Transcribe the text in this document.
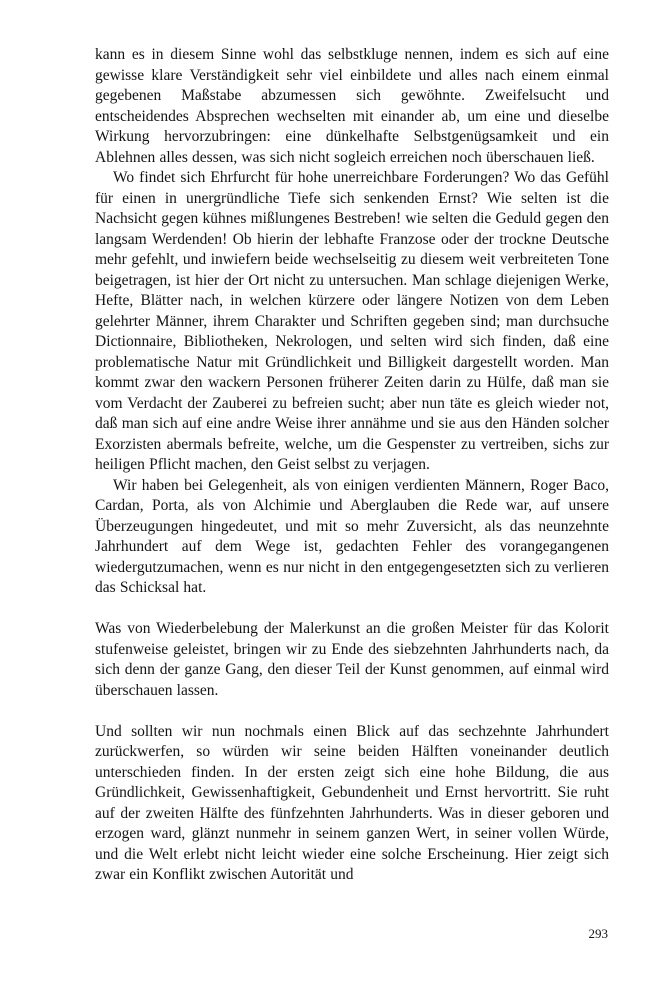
kann es in diesem Sinne wohl das selbstkluge nennen, indem es sich auf eine gewisse klare Verständigkeit sehr viel einbildete und alles nach einem einmal gegebenen Maßstabe abzumessen sich gewöhnte. Zweifelsucht und entscheidendes Absprechen wechselten mit einander ab, um eine und dieselbe Wirkung hervorzubringen: eine dünkelhafte Selbstgenügsamkeit und ein Ablehnen alles dessen, was sich nicht sogleich erreichen noch überschauen ließ.

Wo findet sich Ehrfurcht für hohe unerreichbare Forderungen? Wo das Gefühl für einen in unergründliche Tiefe sich senkenden Ernst? Wie selten ist die Nachsicht gegen kühnes mißlungenes Bestreben! wie selten die Geduld gegen den langsam Werdenden! Ob hierin der lebhafte Franzose oder der trockne Deutsche mehr gefehlt, und inwiefern beide wechselseitig zu diesem weit verbreiteten Tone beigetragen, ist hier der Ort nicht zu untersuchen. Man schlage diejenigen Werke, Hefte, Blätter nach, in welchen kürzere oder längere Notizen von dem Leben gelehrter Männer, ihrem Charakter und Schriften gegeben sind; man durchsuche Dictionnaire, Bibliotheken, Nekrologen, und selten wird sich finden, daß eine problematische Natur mit Gründlichkeit und Billigkeit dargestellt worden. Man kommt zwar den wackern Personen früherer Zeiten darin zu Hülfe, daß man sie vom Verdacht der Zauberei zu befreien sucht; aber nun täte es gleich wieder not, daß man sich auf eine andre Weise ihrer annähme und sie aus den Händen solcher Exorzisten abermals befreite, welche, um die Gespenster zu vertreiben, sichs zur heiligen Pflicht machen, den Geist selbst zu verjagen.

Wir haben bei Gelegenheit, als von einigen verdienten Männern, Roger Baco, Cardan, Porta, als von Alchimie und Aberglauben die Rede war, auf unsere Überzeugungen hingedeutet, und mit so mehr Zuversicht, als das neunzehnte Jahrhundert auf dem Wege ist, gedachten Fehler des vorangegangenen wiedergutzumachen, wenn es nur nicht in den entgegengesetzten sich zu verlieren das Schicksal hat.

Was von Wiederbelebung der Malerkunst an die großen Meister für das Kolorit stufenweise geleistet, bringen wir zu Ende des siebzehnten Jahrhunderts nach, da sich denn der ganze Gang, den dieser Teil der Kunst genommen, auf einmal wird überschauen lassen.

Und sollten wir nun nochmals einen Blick auf das sechzehnte Jahrhundert zurückwerfen, so würden wir seine beiden Hälften voneinander deutlich unterschieden finden. In der ersten zeigt sich eine hohe Bildung, die aus Gründlichkeit, Gewissenhaftigkeit, Gebundenheit und Ernst hervortritt. Sie ruht auf der zweiten Hälfte des fünfzehnten Jahrhunderts. Was in dieser geboren und erzogen ward, glänzt nunmehr in seinem ganzen Wert, in seiner vollen Würde, und die Welt erlebt nicht leicht wieder eine solche Erscheinung. Hier zeigt sich zwar ein Konflikt zwischen Autorität und

293
